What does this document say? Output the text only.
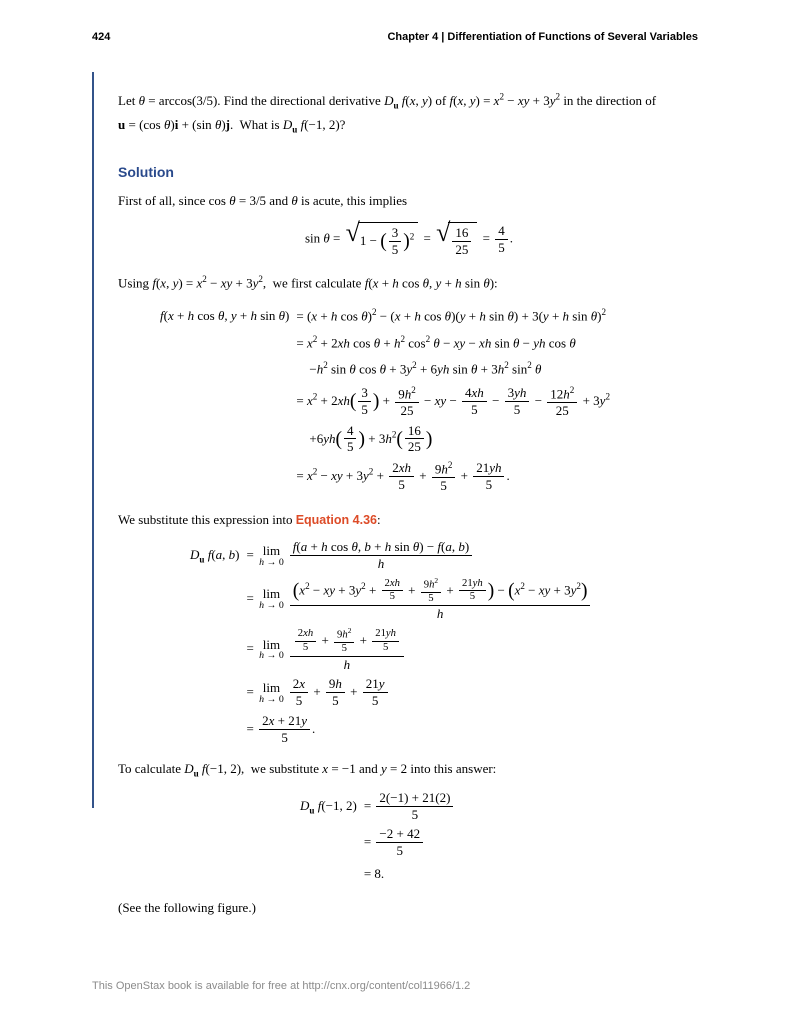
424	Chapter 4 | Differentiation of Functions of Several Variables

Let θ = arccos(3/5). Find the directional derivative $D_u$ f(x, y) of f(x, $y) = x^2$ − xy + $3y^2$ in the direction of
u = (cos θ)i + (sin θ)j.  What is $D_u$ f(−1, 2)?

Solution

First of all, since cos θ = 3/5 and θ is acute, this implies

sin θ = √ 1 − ( $\frac{3}{5} )^2$ = √ $\frac{16}{25} = \frac{4}{5}$ .

Using f(x, $y) = x^2$ − xy + $3y^2$,  we first calculate f(x + h cos θ, y + h sin θ):

f(x + h cos θ, y + h sin θ) = (x + h cos θ)$^2$ − (x + h cos θ)(y + h sin θ) + 3(y + h sin θ)$^2$
= $x^2 + 2xh$ $\cos \theta + h^2$ $\cos^2 \theta$ − xy − xh sin θ − yh cos θ
$-h^2$ sin θ $\cos \theta + 3y^2 + 6yh$ $\sin \theta + 3h^2$ $\sin^2 \theta$
= $x^2 + 2xh( \frac{3}{5}$ ) + $\frac{9h^2}{25}$ − xy − $\frac{4xh}{5} - \frac{3yh}{5} - \frac{12h^2}{25} + 3y^2$
$+6yh( \frac{4}{5}$ ) + $3h^2( \frac{16}{25}$ )
= $x^2$ − xy + $3y^2 + \frac{2xh}{5} + \frac{9h^2}{5} + \frac{21yh}{5}$ .

We substitute this expression into Equation 4.36:

$D_u$ f(a, b) = lim
$h \to 0 \frac{\text{f(a + h cos θ, b + h sin θ) − f(a, b)}}{h}$
= lim
$h \to 0 \frac{(x^2 - xy + 3y^2 + \frac{2xh}{5} + \frac{9h^2}{5} + \frac{21yh}{5} ) - (x^2 - xy + 3y^2)}{h}$
= lim
$h \to 0 \frac{\frac{2xh}{5} + \frac{9h^2}{5} + \frac{21yh}{5}}{h}$
= lim
$h \to 0 \frac{2x}{5} + \frac{9h}{5} + \frac{21y}{5}$
= $\frac{2x + 21y}{5}$ .

To calculate $D_u$ f(−1, 2),  we substitute x = −1 and y = 2 into this answer:

$D_u$ f(−1, $2) = \frac{2(-1) + 21(2)}{5}$
= $\frac{-2 + 42}{5}$
= 8.

(See the following figure.)

This OpenStax book is available for free at http://cnx.org/content/col11966/1.2
